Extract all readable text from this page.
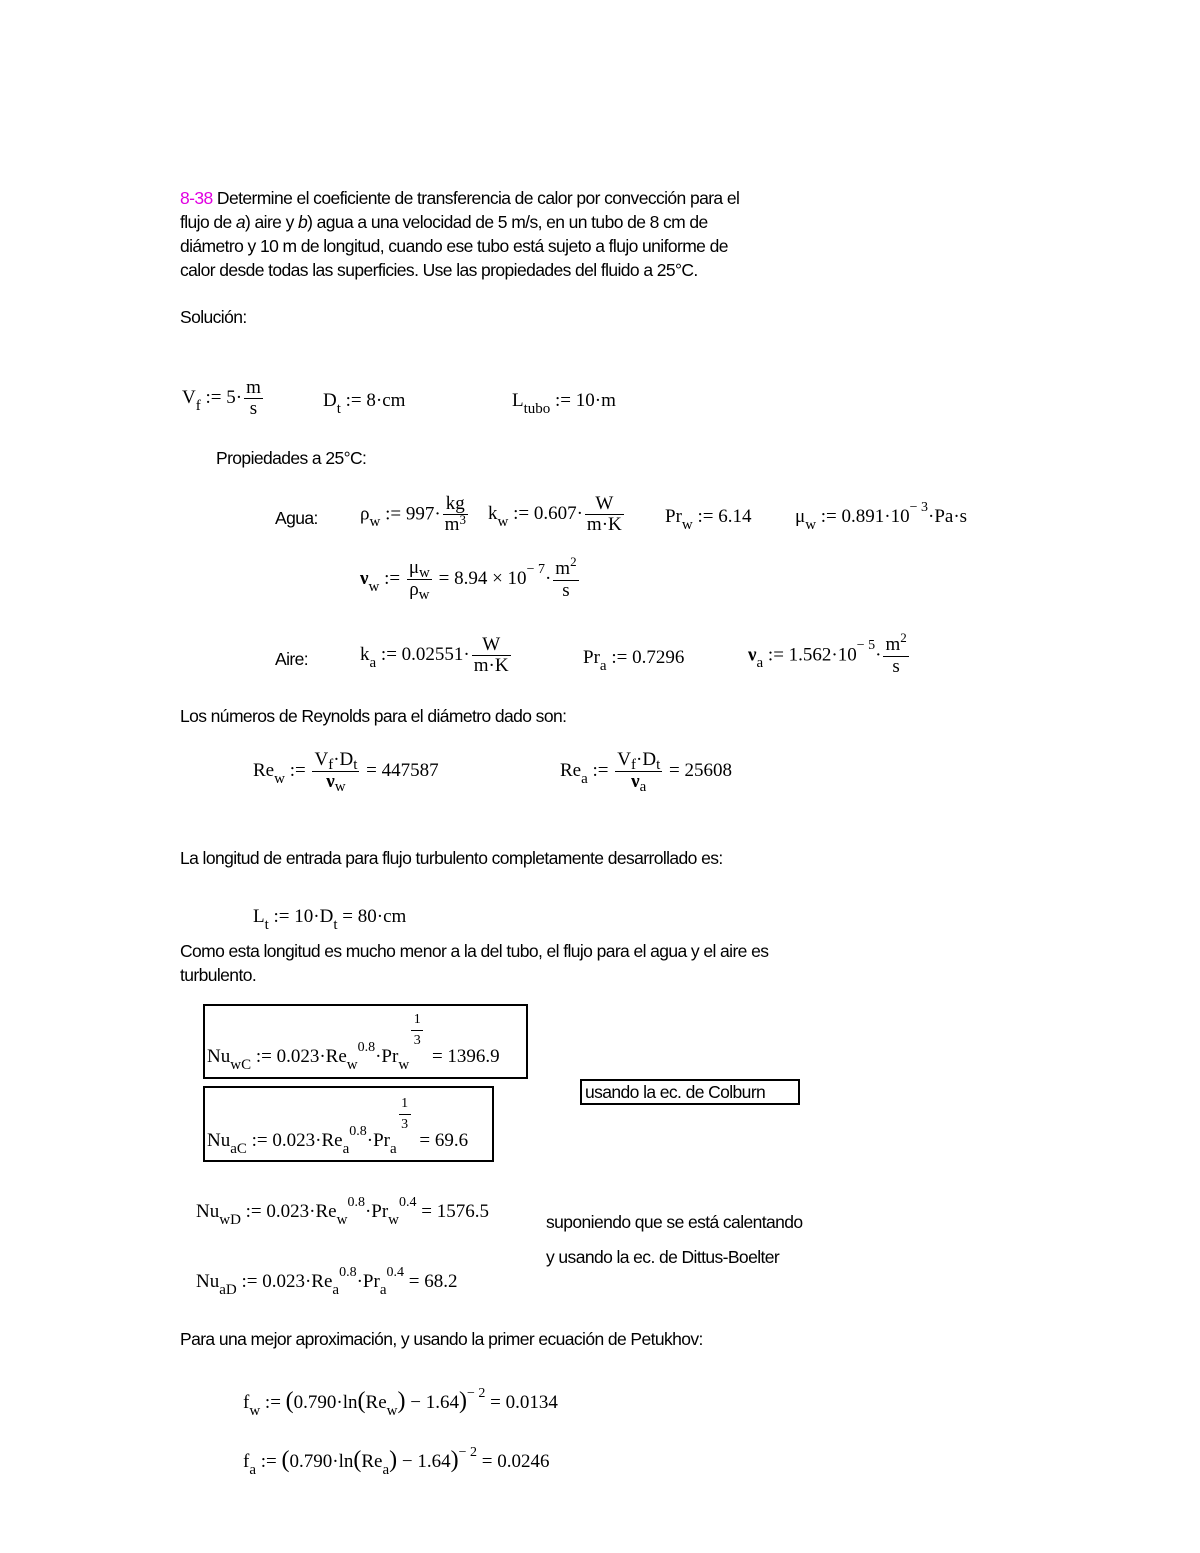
8-38 Determine el coeficiente de transferencia de calor por convección para el
flujo de a) aire y b) agua a una velocidad de 5 m/s, en un tubo de 8 cm de
diámetro y 10 m de longitud, cuando ese tubo está sujeto a flujo uniforme de
calor desde todas las superficies. Use las propiedades del fluido a 25°C.
Solución:
$V_f$ := $5\cdot \frac{m}{s}$	$D_t$ := 8·cm	$L_{tubo}$ := 10·m
Propiedades a 25°C:
Agua: $\rho_w$ := $997\cdot \frac{kg}{m^3} k_w$ := $0.607\cdot \frac{W}{m\cdot K} Pr_w$ := 6.14 $\mu_w$ := $0.891\cdot 10^{- 3}\cdot Pa\cdot s$
$\nu_w$ := $\frac{\mu_w}{\rho_w} = 8.94 \times 10^{- 7}\cdot \frac{m^2}{s}$
Aire:	$k_a$ := $0.02551\cdot \frac{W}{m\cdot K}$	$Pr_a$ := 0.7296	$\nu_a$ := $1.562\cdot 10^{- 5}\cdot \frac{m^2}{s}$
Los números de Reynolds para el diámetro dado son:
$Re_w$ := $\frac{V_f\cdot D_t}{\nu_w} = 447587$	$Re_a$ := $\frac{V_f\cdot D_t}{\nu_a} = 25608$
La longitud de entrada para flujo turbulento completamente desarrollado es:
$L_t$ := $10\cdot D_t = 80\cdot cm$
Como esta longitud es mucho menor a la del tubo, el flujo para el agua y el aire es
turbulento.
$Nu_{wC}$ := $0.023\cdot Re_w^{0.8}\cdot Pr_w \frac{1}{3} = 1396.9$
$Nu_{aC}$ := $0.023\cdot Re_a^{0.8}\cdot Pr_a \frac{1}{3} = 69.6$
usando la ec. de Colburn
$Nu_{wD}$ := $0.023\cdot Re_w^{0.8}\cdot Pr_w^{0.4} = 1576.5$	suponiendo que se está calentando
y usando la ec. de Dittus-Boelter
$Nu_{aD}$ := $0.023\cdot Re_a^{0.8}\cdot Pr_a^{0.4} = 68.2$
Para una mejor aproximación, y usando la primer ecuación de Petukhov:
$f_w$ := $(0.790\cdot\ln(Re_w) - 1.64)^{- 2} = 0.0134$
$f_a$ := $(0.790\cdot\ln(Re_a) - 1.64)^{- 2} = 0.0246$
